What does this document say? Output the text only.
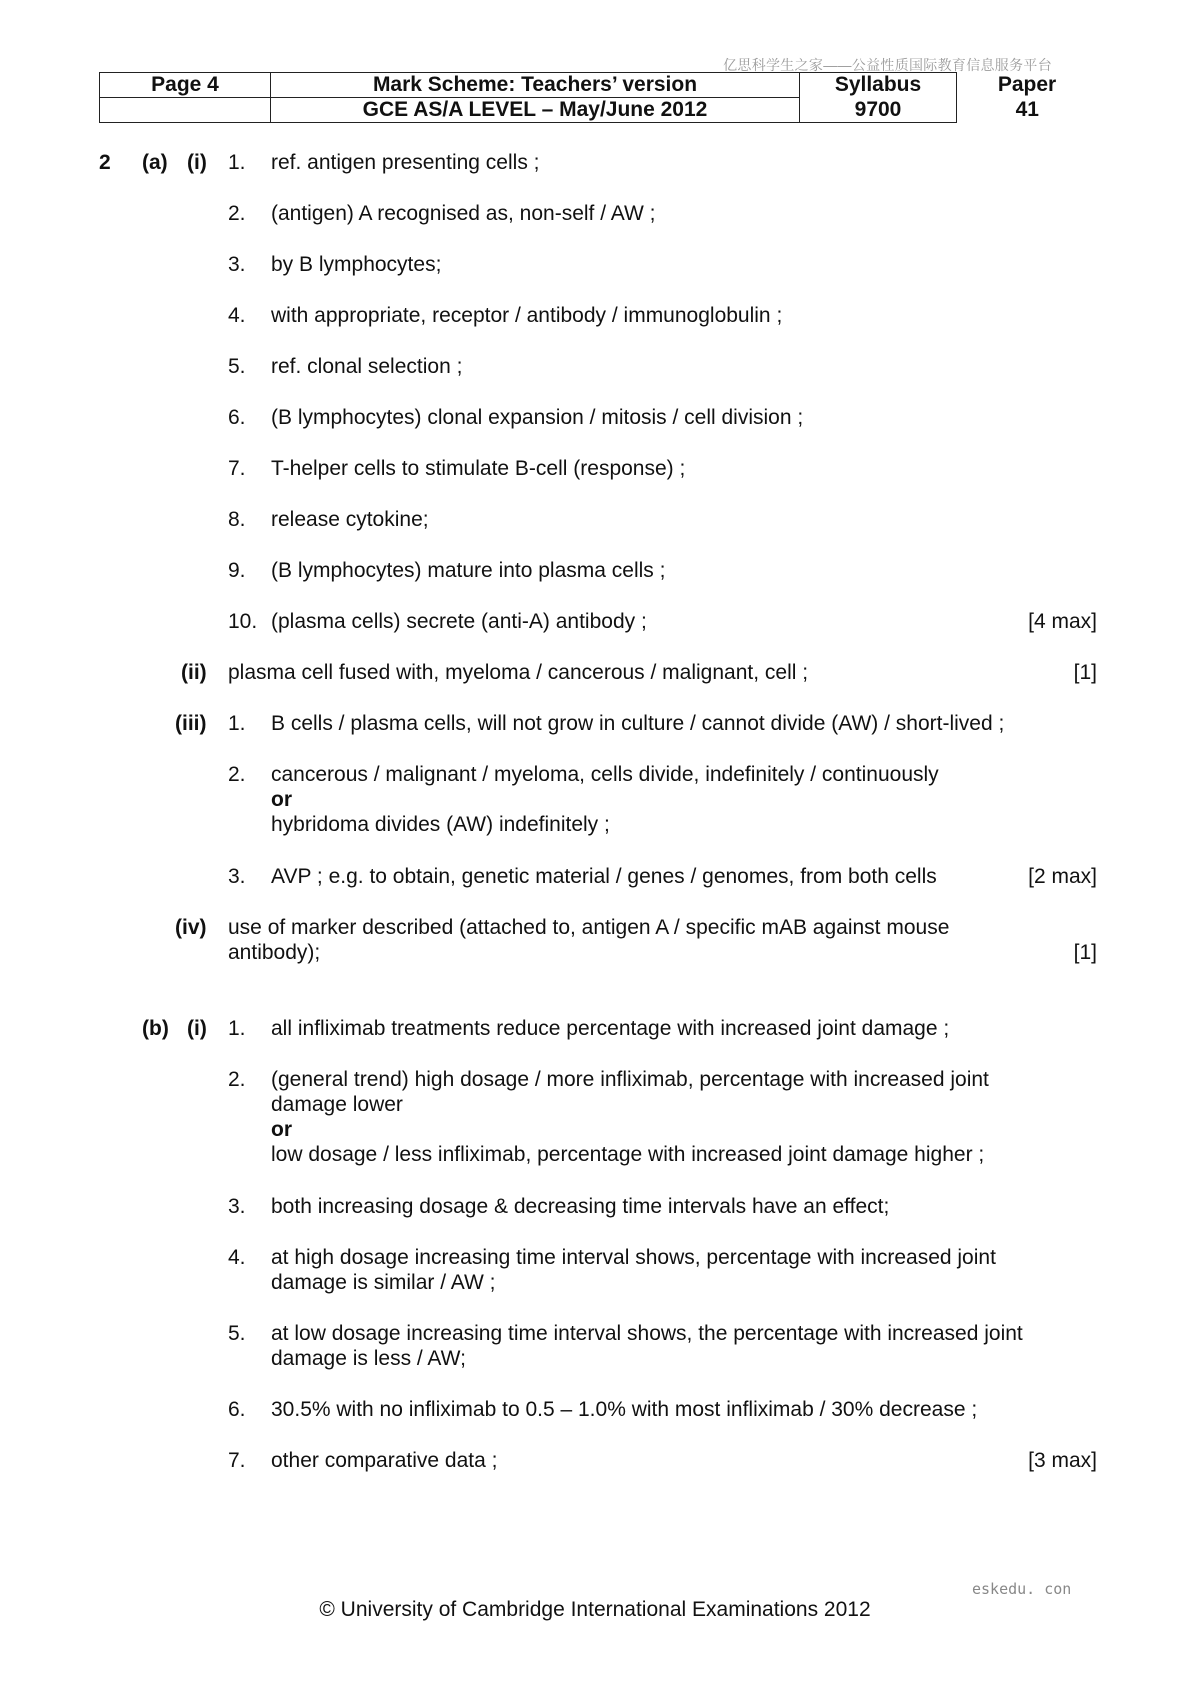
亿思科学生之家——公益性质国际教育信息服务平台
Page 4	Mark Scheme: Teachers’ version	Syllabus	Paper
	GCE AS/A LEVEL – May/June 2012	9700	41
2 (a) (i) 1. ref. antigen presenting cells ;
2. (antigen) A recognised as, non-self / AW ;
3. by B lymphocytes;
4. with appropriate, receptor / antibody / immunoglobulin ;
5. ref. clonal selection ;
6. (B lymphocytes) clonal expansion / mitosis / cell division ;
7. T-helper cells to stimulate B-cell (response) ;
8. release cytokine;
9. (B lymphocytes) mature into plasma cells ;
10. (plasma cells) secrete (anti-A) antibody ;	[4 max]
(ii) plasma cell fused with, myeloma / cancerous / malignant, cell ;	[1]
(iii) 1. B cells / plasma cells, will not grow in culture / cannot divide (AW) / short-lived ;
2. cancerous / malignant / myeloma, cells divide, indefinitely / continuously
or
hybridoma divides (AW) indefinitely ;
3. AVP ; e.g. to obtain, genetic material / genes / genomes, from both cells	[2 max]
(iv) use of marker described (attached to, antigen A / specific mAB against mouse
antibody);	[1]
(b) (i) 1. all infliximab treatments reduce percentage with increased joint damage ;
2. (general trend) high dosage / more infliximab, percentage with increased joint
damage lower
or
low dosage / less infliximab, percentage with increased joint damage higher ;
3. both increasing dosage & decreasing time intervals have an effect;
4. at high dosage increasing time interval shows, percentage with increased joint
damage is similar / AW ;
5. at low dosage increasing time interval shows, the percentage with increased joint
damage is less / AW;
6. 30.5% with no infliximab to 0.5 – 1.0% with most infliximab / 30% decrease ;
7. other comparative data ;	[3 max]
eskedu. con
© University of Cambridge International Examinations 2012
